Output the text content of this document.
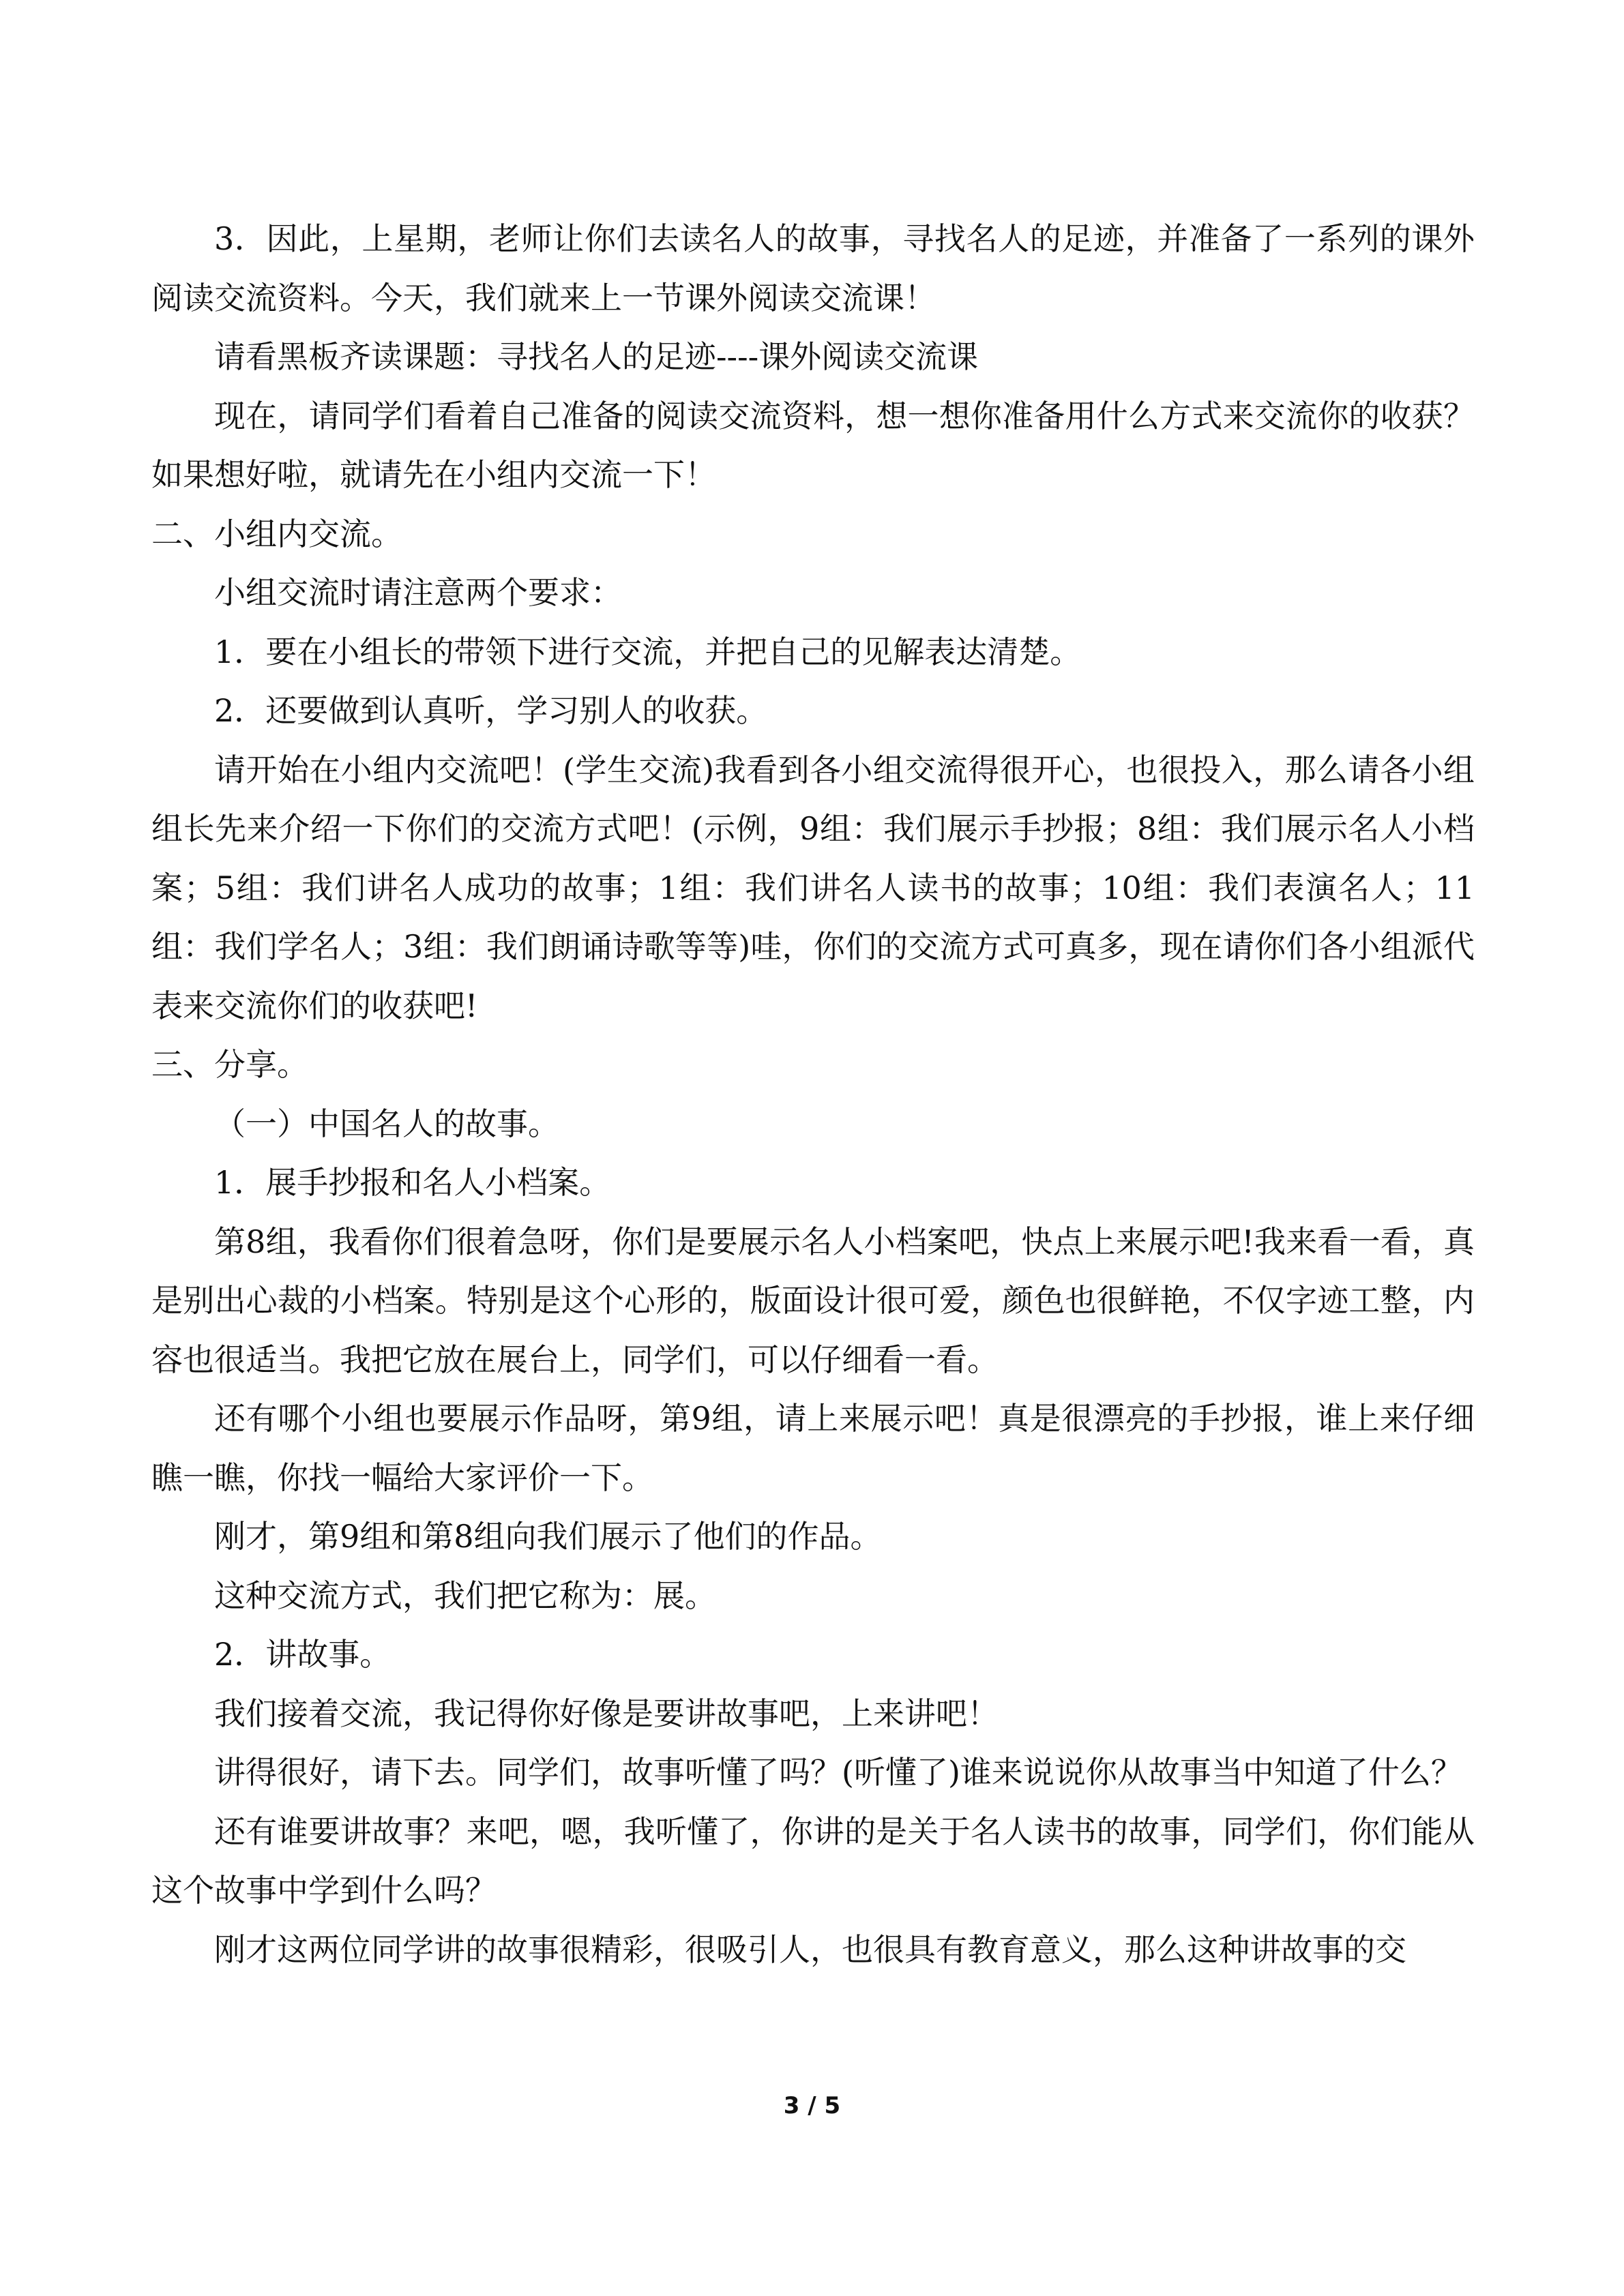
3．因此，上星期，老师让你们去读名人的故事，寻找名人的足迹，并准备了一系列的课外阅读交流资料。今天，我们就来上一节课外阅读交流课！

请看黑板齐读课题：寻找名人的足迹----课外阅读交流课

现在，请同学们看着自己准备的阅读交流资料，想一想你准备用什么方式来交流你的收获？如果想好啦，就请先在小组内交流一下！

二、小组内交流。

小组交流时请注意两个要求：

1．要在小组长的带领下进行交流，并把自己的见解表达清楚。

2．还要做到认真听，学习别人的收获。

请开始在小组内交流吧！(学生交流)我看到各小组交流得很开心，也很投入，那么请各小组组长先来介绍一下你们的交流方式吧！(示例，9组：我们展示手抄报；8组：我们展示名人小档案；5组：我们讲名人成功的故事；1组：我们讲名人读书的故事；10组：我们表演名人；11组：我们学名人；3组：我们朗诵诗歌等等)哇，你们的交流方式可真多，现在请你们各小组派代表来交流你们的收获吧!

三、分享。

（一）中国名人的故事。

1．展手抄报和名人小档案。

第8组，我看你们很着急呀，你们是要展示名人小档案吧，快点上来展示吧!我来看一看，真是别出心裁的小档案。特别是这个心形的，版面设计很可爱，颜色也很鲜艳，不仅字迹工整，内容也很适当。我把它放在展台上，同学们，可以仔细看一看。

还有哪个小组也要展示作品呀，第9组，请上来展示吧！真是很漂亮的手抄报，谁上来仔细瞧一瞧，你找一幅给大家评价一下。

刚才，第9组和第8组向我们展示了他们的作品。

这种交流方式，我们把它称为：展。

2．讲故事。

我们接着交流，我记得你好像是要讲故事吧，上来讲吧！

讲得很好，请下去。同学们，故事听懂了吗？(听懂了)谁来说说你从故事当中知道了什么？

还有谁要讲故事？来吧，嗯，我听懂了，你讲的是关于名人读书的故事，同学们，你们能从这个故事中学到什么吗？

刚才这两位同学讲的故事很精彩，很吸引人，也很具有教育意义，那么这种讲故事的交

3 / 5
